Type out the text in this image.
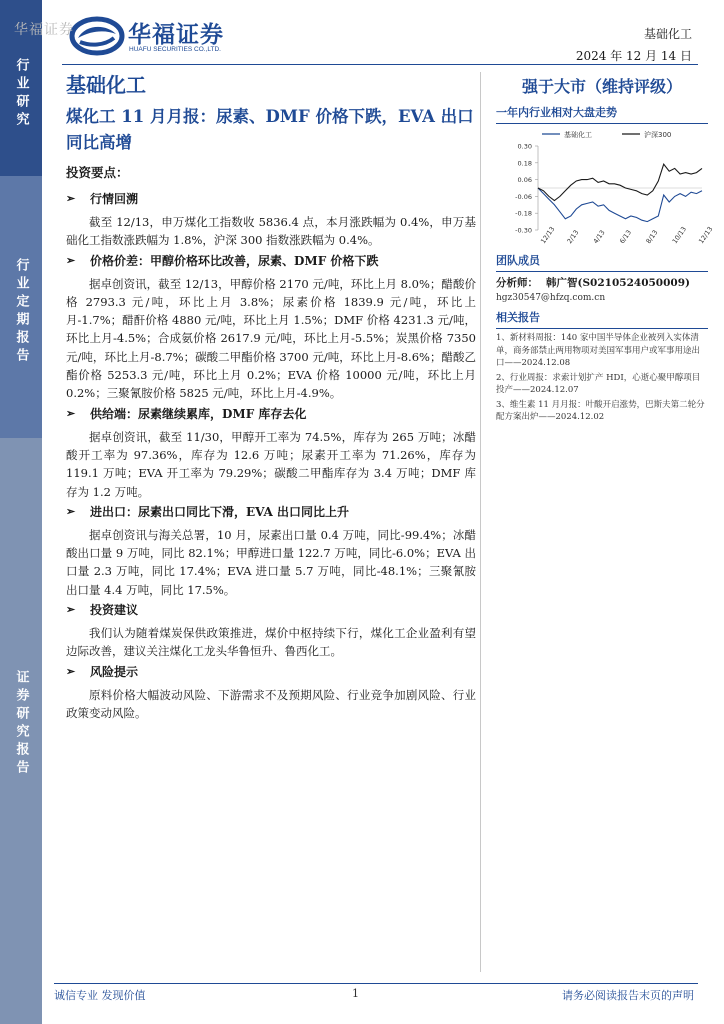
行业研究
行业定期报告
证券研究报告
华福证券 华福证券
HUAFU SECURITIES CO.,LTD.
基础化工
2024 年 12 月 14 日
基础化工
煤化工 11 月月报：尿素、DMF 价格下跌，EVA 出口同比高增
投资要点：
➢ 行情回溯
截至 12/13，申万煤化工指数收 5836.4 点，本月涨跌幅为 0.4%，申万基础化工指数涨跌幅为 1.8%，沪深 300 指数涨跌幅为 0.4%。
➢ 价格价差：甲醇价格环比改善，尿素、DMF 价格下跌
据卓创资讯，截至 12/13，甲醇价格 2170 元/吨，环比上月 8.0%；醋酸价格 2793.3 元/吨，环比上月 3.8%；尿素价格 1839.9 元/吨，环比上月-1.7%；醋酐价格 4880 元/吨，环比上月 1.5%；DMF 价格 4231.3 元/吨，环比上月-4.5%；合成氨价格 2617.9 元/吨，环比上月-5.5%；炭黑价格 7350 元/吨，环比上月-8.7%；碳酸二甲酯价格 3700 元/吨，环比上月-8.6%；醋酸乙酯价格 5253.3 元/吨，环比上月 0.2%；EVA 价格 10000 元/吨，环比上月 0.2%；三聚氰胺价格 5825 元/吨，环比上月-4.9%。
➢ 供给端：尿素继续累库，DMF 库存去化
据卓创资讯，截至 11/30，甲醇开工率为 74.5%，库存为 265 万吨；冰醋酸开工率为 97.36%，库存为 12.6 万吨；尿素开工率为 71.26%，库存为 119.1 万吨；EVA 开工率为 79.29%；碳酸二甲酯库存为 3.4 万吨；DMF 库存为 1.2 万吨。
➢ 进出口：尿素出口同比下滑，EVA 出口同比上升
据卓创资讯与海关总署，10 月，尿素出口量 0.4 万吨，同比-99.4%；冰醋酸出口量 9 万吨，同比 82.1%；甲醇进口量 122.7 万吨，同比-6.0%；EVA 出口量 2.3 万吨，同比 17.4%；EVA 进口量 5.7 万吨，同比-48.1%；三聚氰胺出口量 4.4 万吨，同比 17.5%。
➢ 投资建议
我们认为随着煤炭保供政策推进，煤价中枢持续下行，煤化工企业盈利有望边际改善，建议关注煤化工龙头华鲁恒升、鲁西化工。
➢ 风险提示
原料价格大幅波动风险、下游需求不及预期风险、行业竞争加剧风险、行业政策变动风险。
强于大市（维持评级）
一年内行业相对大盘走势
基础化工	沪深300
0.30
0.18
0.06
-0.06
-0.18
-0.30 12/13 2/13 4/13 6/13 8/13 10/13 12/13
团队成员
分析师： 韩广智(S0210524050009)
hgz30547@hfzq.com.cn
相关报告
1、新材料周报：140 家中国半导体企业被列入实体清单，商务部禁止两用物项对美国军事用户或军事用途出口——2024.12.08
2、行业周报：求索计划扩产 HDI，心逝心聚甲醇项目投产——2024.12.07
3、维生素 11 月月报：叶酸开启涨势，巴斯夫第二轮分配方案出炉——2024.12.02
诚信专业 发现价值	1	请务必阅读报告末页的声明
